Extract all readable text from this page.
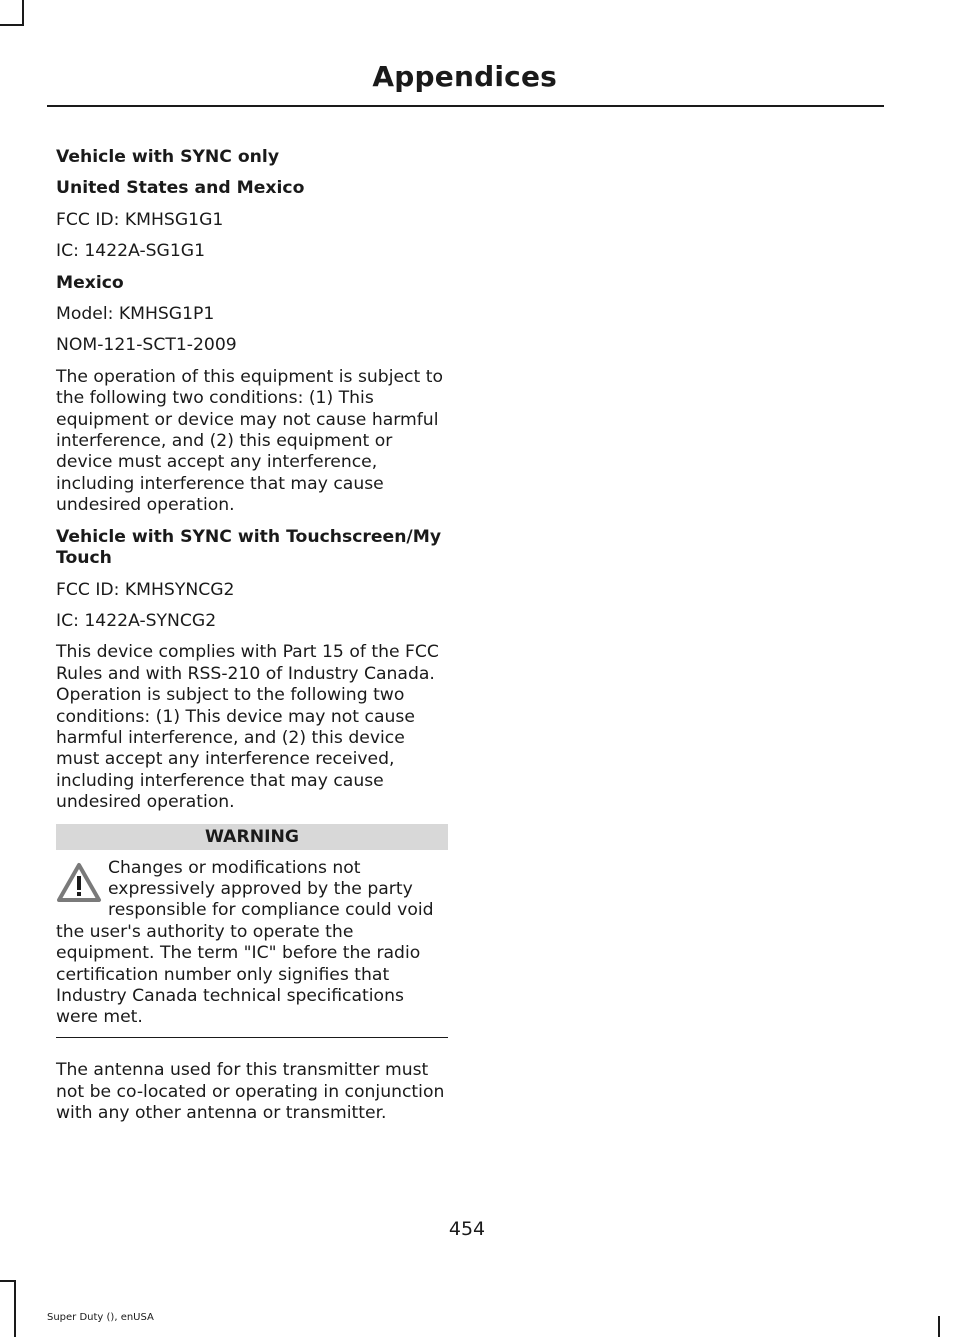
Appendices

Vehicle with SYNC only

United States and Mexico

FCC ID: KMHSG1G1

IC: 1422A-SG1G1

Mexico

Model: KMHSG1P1

NOM-121-SCT1-2009

The operation of this equipment is subject to the following two conditions: (1) This equipment or device may not cause harmful interference, and (2) this equipment or device must accept any interference, including interference that may cause undesired operation.

Vehicle with SYNC with Touchscreen/My Touch

FCC ID: KMHSYNCG2

IC: 1422A-SYNCG2

This device complies with Part 15 of the FCC Rules and with RSS-210 of Industry Canada. Operation is subject to the following two conditions: (1) This device may not cause harmful interference, and (2) this device must accept any interference received, including interference that may cause undesired operation.

WARNING
Changes or modifications not expressively approved by the party responsible for compliance could void the user's authority to operate the equipment. The term "IC" before the radio certification number only signifies that Industry Canada technical specifications were met.

The antenna used for this transmitter must not be co-located or operating in conjunction with any other antenna or transmitter.

454
Super Duty (), enUSA
